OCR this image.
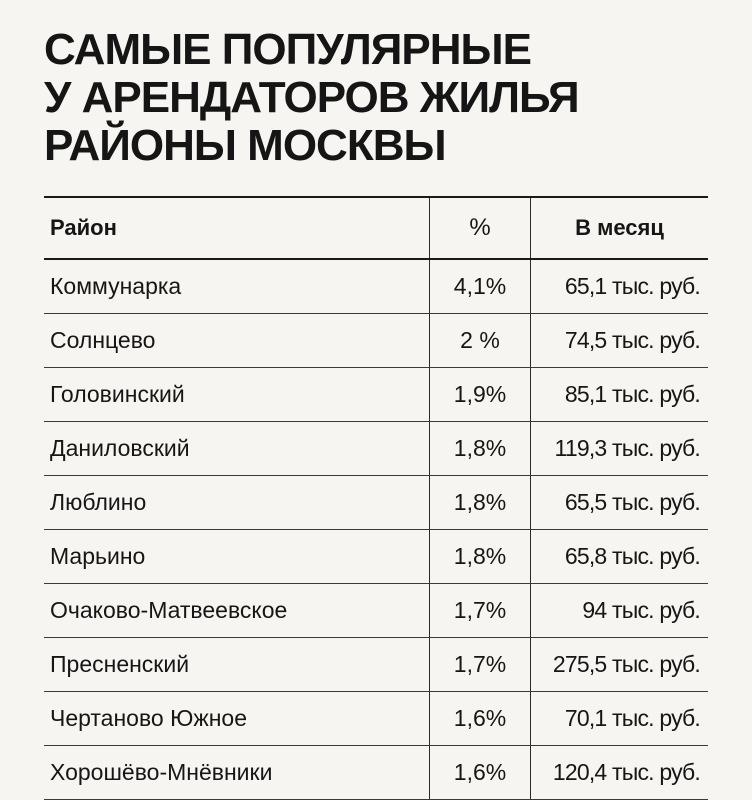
САМЫЕ ПОПУЛЯРНЫЕ
У АРЕНДАТОРОВ ЖИЛЬЯ
РАЙОНЫ МОСКВЫ
Район	%	В месяц
Коммунарка	4,1%	65,1 тыс. руб.
Солнцево	2 %	74,5 тыс. руб.
Головинский	1,9%	85,1 тыс. руб.
Даниловский	1,8%	119,3 тыс. руб.
Люблино	1,8%	65,5 тыс. руб.
Марьино	1,8%	65,8 тыс. руб.
Очаково-Матвеевское	1,7%	94 тыс. руб.
Пресненский	1,7%	275,5 тыс. руб.
Чертаново Южное	1,6%	70,1 тыс. руб.
Хорошёво-Мнёвники	1,6%	120,4 тыс. руб.
